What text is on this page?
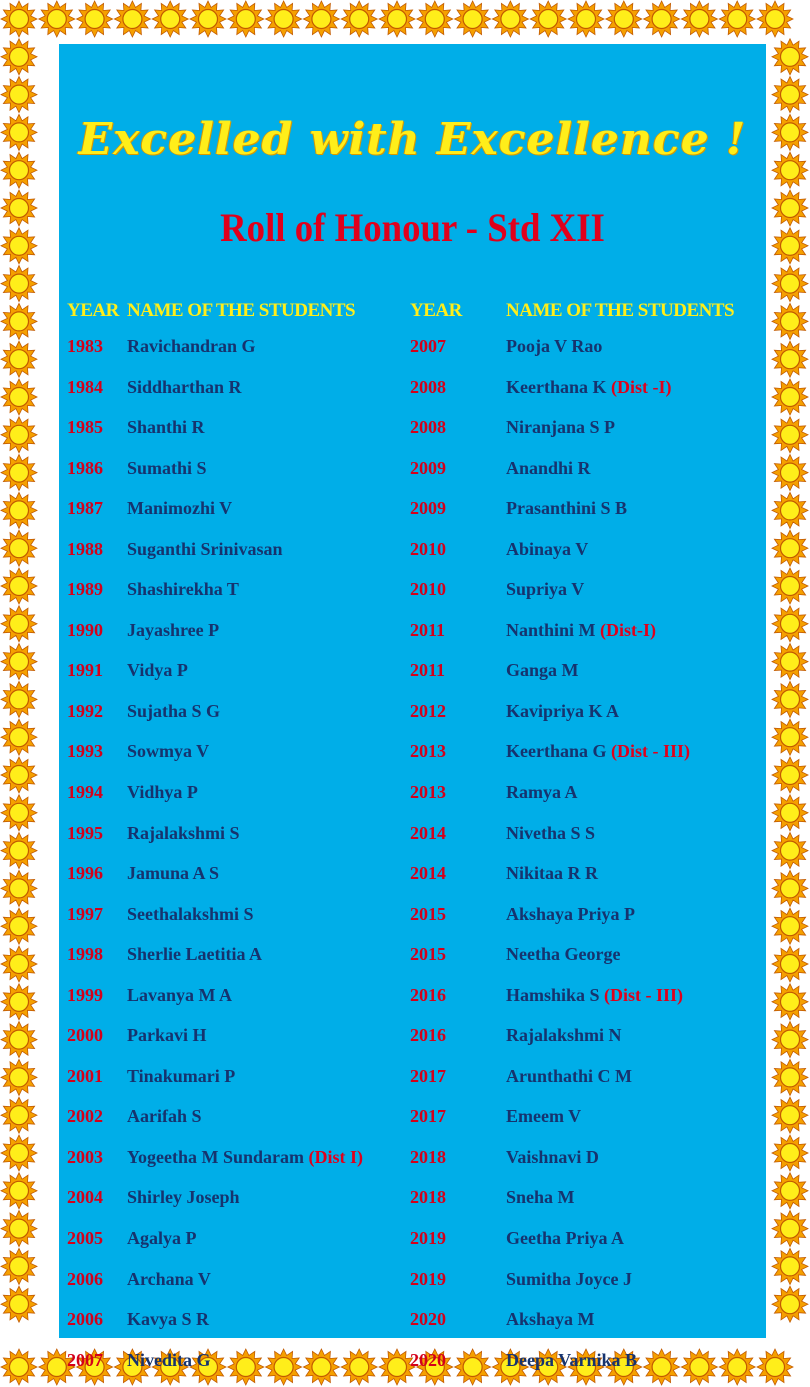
Excelled with Excellence !
Roll of Honour - Std XII
YEAR NAME OF THE STUDENTS	YEAR NAME OF THE STUDENTS
1983 Ravichandran G	2007	Pooja V Rao
1984 Siddharthan R	2008	Keerthana K (Dist -I)
1985 Shanthi R	2008	Niranjana S P
1986 Sumathi S	2009	Anandhi R
1987 Manimozhi V	2009	Prasanthini S B
1988 Suganthi Srinivasan	2010	Abinaya V
1989 Shashirekha T	2010	Supriya V
1990 Jayashree P	2011	Nanthini M (Dist-I)
1991 Vidya P	2011	Ganga M
1992 Sujatha S G	2012	Kavipriya K A
1993 Sowmya V	2013	Keerthana G (Dist - III)
1994 Vidhya P	2013	Ramya A
1995 Rajalakshmi S	2014	Nivetha S S
1996 Jamuna A S	2014	Nikitaa R R
1997 Seethalakshmi S	2015	Akshaya Priya P
1998 Sherlie Laetitia A	2015	Neetha George
1999 Lavanya M A	2016	Hamshika S (Dist - III)
2000 Parkavi H	2016	Rajalakshmi N
2001 Tinakumari P	2017	Arunthathi C M
2002 Aarifah S	2017	Emeem V
2003 Yogeetha M Sundaram (Dist I)	2018	Vaishnavi D
2004 Shirley Joseph	2018	Sneha M
2005 Agalya P	2019	Geetha Priya A
2006 Archana V	2019	Sumitha Joyce J
2006 Kavya S R	2020	Akshaya M
2007 Nivedita G	2020	Deepa Varnika B
